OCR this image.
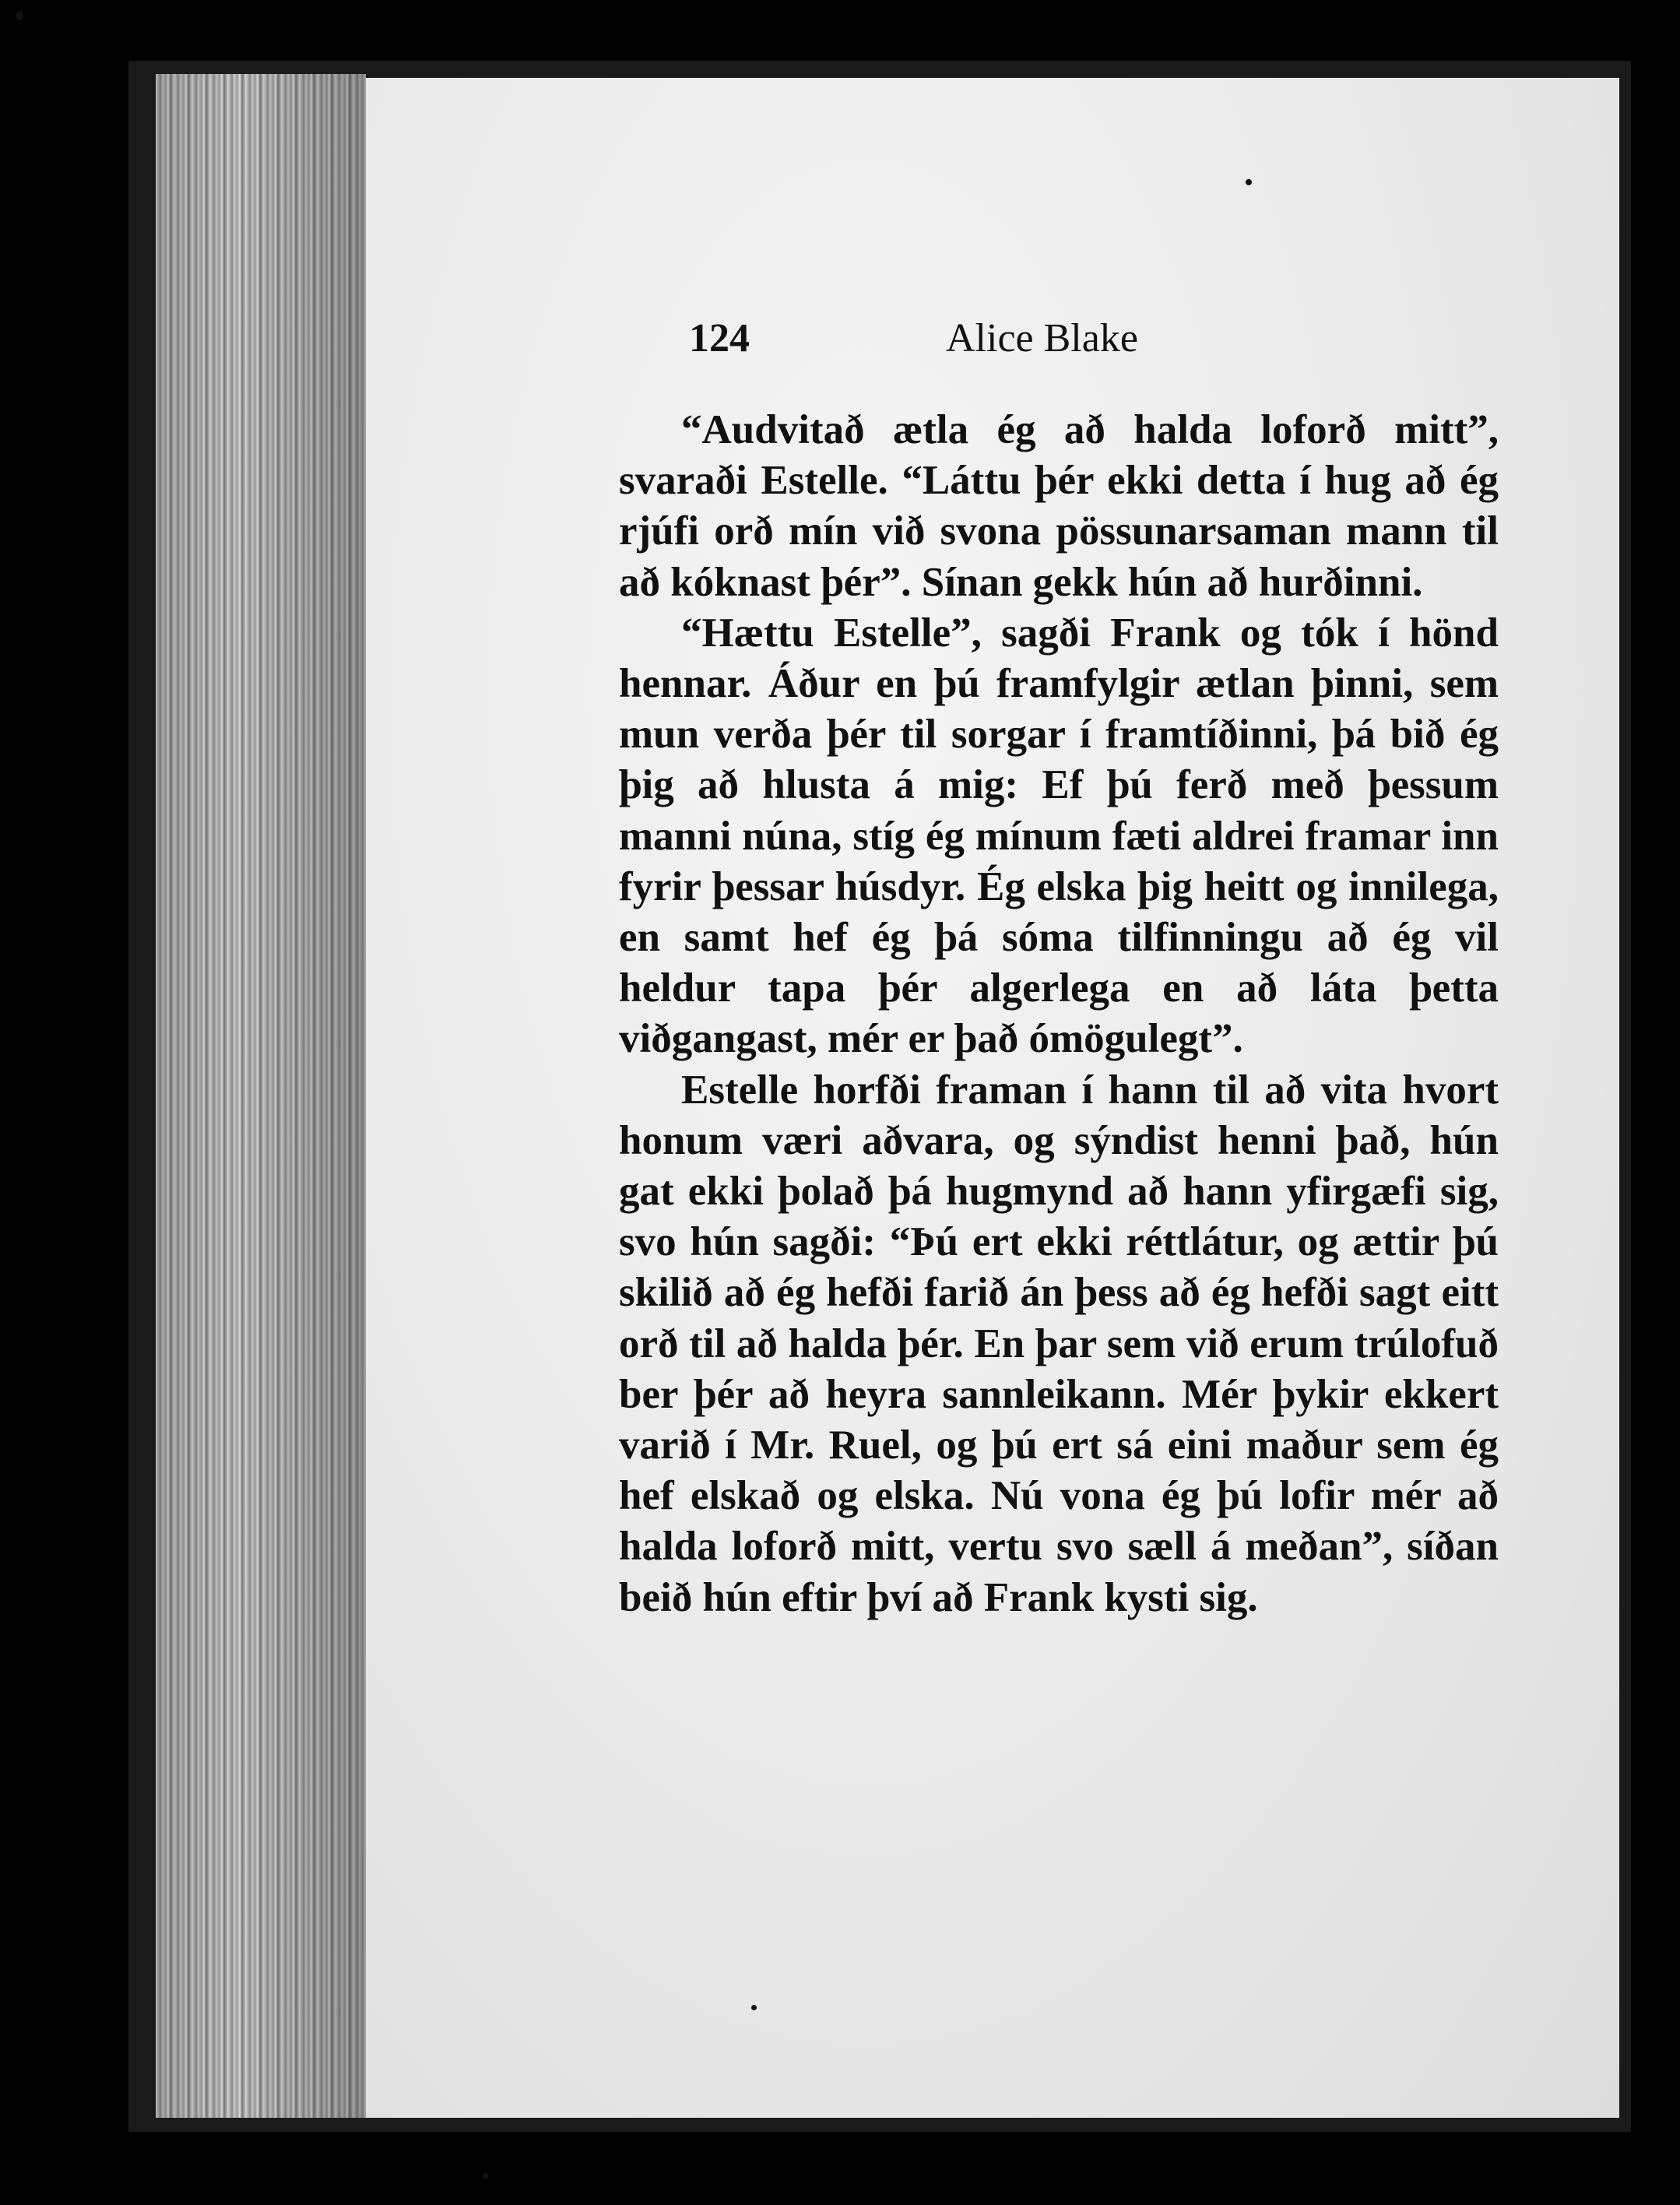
124	Alice Blake

“Audvitað ætla ég að halda loforð mitt”, svaraði Estelle. “Láttu þér ekki detta í hug að ég rjúfi orð mín við svona pössunarsaman mann til að kóknast þér”. Sínan gekk hún að hurðinni.

“Hættu Estelle”, sagði Frank og tók í hönd hennar. Áður en þú framfylgir ætlan þinni, sem mun verða þér til sorgar í framtíðinni, þá bið ég þig að hlusta á mig: Ef þú ferð með þessum manni núna, stíg ég mínum fæti aldrei framar inn fyrir þessar húsdyr. Ég elska þig heitt og innilega, en samt hef ég þá sóma tilfinningu að ég vil heldur tapa þér algerlega en að láta þetta viðgangast, mér er það ómögulegt”.

Estelle horfði framan í hann til að vita hvort honum væri aðvara, og sýndist henni það, hún gat ekki þolað þá hugmynd að hann yfirgæfi sig, svo hún sagði: “Þú ert ekki réttlátur, og ættir þú skilið að ég hefði farið án þess að ég hefði sagt eitt orð til að halda þér. En þar sem við erum trúlofuð ber þér að heyra sannleikann. Mér þykir ekkert varið í Mr. Ruel, og þú ert sá eini maður sem ég hef elskað og elska. Nú vona ég þú lofir mér að halda loforð mitt, vertu svo sæll á meðan”, síðan beið hún eftir því að Frank kysti sig.
